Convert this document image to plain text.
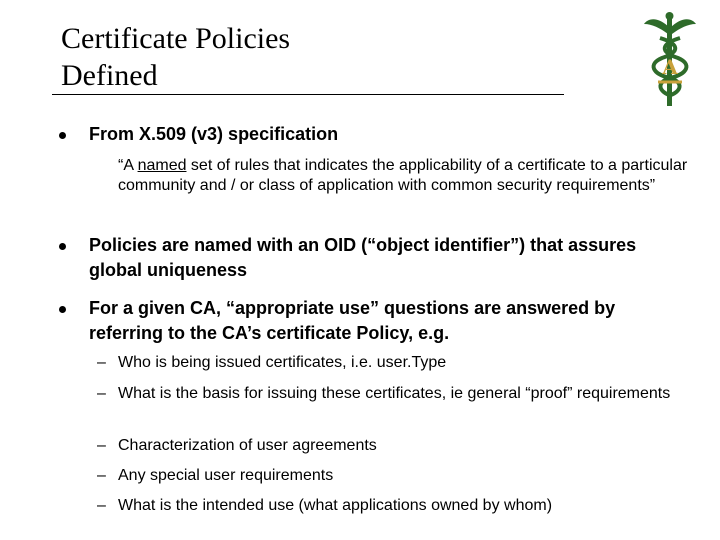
Certificate Policies
Defined	A
From X.509 (v3) specification
“A named set of rules that indicates the applicability of a certificate to a particular community and / or class of application with common security requirements”
Policies are named with an OID (“object identifier”) that assures global uniqueness
For a given CA, “appropriate use” questions are answered by referring to the CA’s certificate Policy, e.g.
– Who is being issued certificates, i.e. user.Type
– What is the basis for issuing these certificates, ie general “proof” requirements
– Characterization of user agreements
– Any special user requirements
– What is the intended use (what applications owned by whom)
